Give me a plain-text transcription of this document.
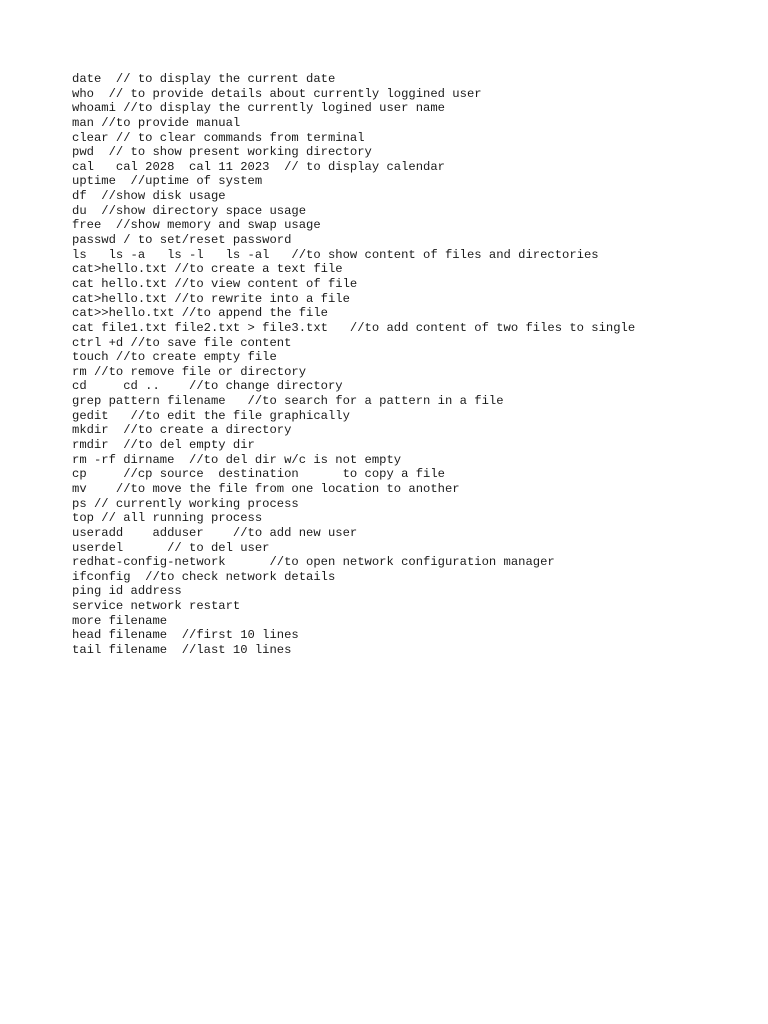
date  // to display the current date
who  // to provide details about currently loggined user
whoami //to display the currently logined user name
man //to provide manual
clear // to clear commands from terminal
pwd  // to show present working directory
cal   cal 2028  cal 11 2023  // to display calendar
uptime  //uptime of system
df  //show disk usage
du  //show directory space usage
free  //show memory and swap usage
passwd / to set/reset password
ls   ls -a   ls -l   ls -al   //to show content of files and directories
cat>hello.txt //to create a text file
cat hello.txt //to view content of file
cat>hello.txt //to rewrite into a file
cat>>hello.txt //to append the file
cat file1.txt file2.txt > file3.txt   //to add content of two files to single
ctrl +d //to save file content
touch //to create empty file
rm //to remove file or directory
cd     cd ..    //to change directory
grep pattern filename   //to search for a pattern in a file
gedit   //to edit the file graphically
mkdir  //to create a directory
rmdir  //to del empty dir
rm -rf dirname  //to del dir w/c is not empty
cp     //cp source  destination      to copy a file
mv    //to move the file from one location to another
ps // currently working process
top // all running process
useradd    adduser    //to add new user
userdel      // to del user
redhat-config-network      //to open network configuration manager
ifconfig  //to check network details
ping id address
service network restart
more filename
head filename  //first 10 lines
tail filename  //last 10 lines
